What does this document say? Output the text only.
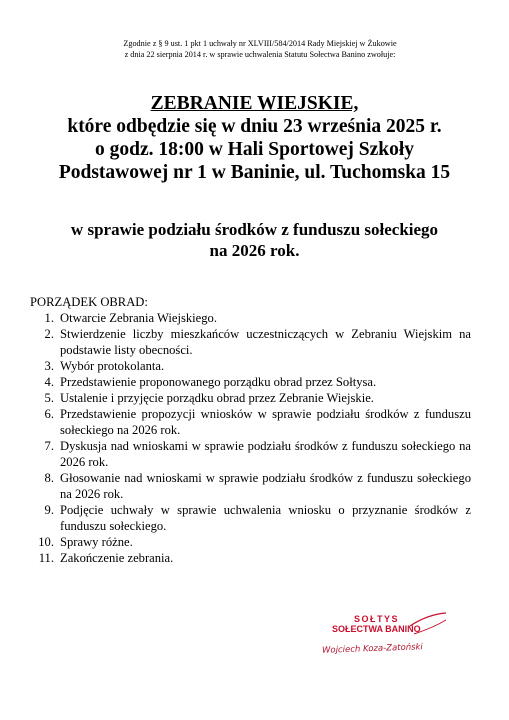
Zgodnie z § 9 ust. 1 pkt 1 uchwały nr XLVIII/584/2014 Rady Miejskiej w Żukowie
z dnia 22 sierpnia 2014 r. w sprawie uchwalenia Statutu Sołectwa Banino zwołuje:
ZEBRANIE WIEJSKIE,
które odbędzie się w dniu 23 września 2025 r.
o godz. 18:00 w Hali Sportowej Szkoły
Podstawowej nr 1 w Baninie, ul. Tuchomska 15
w sprawie podziału środków z funduszu sołeckiego
na 2026 rok.
PORZĄDEK OBRAD:
1. Otwarcie Zebrania Wiejskiego.
2. Stwierdzenie liczby mieszkańców uczestniczących w Zebraniu Wiejskim na podstawie listy obecności.
3. Wybór protokolanta.
4. Przedstawienie proponowanego porządku obrad przez Sołtysa.
5. Ustalenie i przyjęcie porządku obrad przez Zebranie Wiejskie.
6. Przedstawienie propozycji wniosków w sprawie podziału środków z funduszu sołeckiego na 2026 rok.
7. Dyskusja nad wnioskami w sprawie podziału środków z funduszu sołeckiego na 2026 rok.
8. Głosowanie nad wnioskami w sprawie podziału środków z funduszu sołeckiego na 2026 rok.
9. Podjęcie uchwały w sprawie uchwalenia wniosku o przyznanie środków z funduszu sołeckiego.
10. Sprawy różne.
11. Zakończenie zebrania.
SOŁTYS
SOŁECTWA BANINO
Wojciech Koza-Zatoński
